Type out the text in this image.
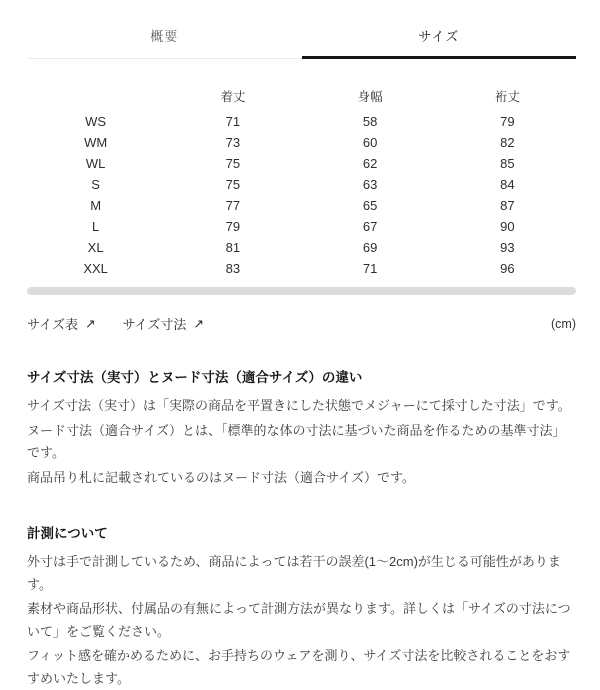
概要	サイズ
	着丈	身幅	裄丈
WS	71	58	79
WM	73	60	82
WL	75	62	85
S	75	63	84
M	77	65	87
L	79	67	90
XL	81	69	93
XXL	83	71	96
サイズ表 ↗ サイズ寸法 ↗	(cm)
サイズ寸法（実寸）とヌード寸法（適合サイズ）の違い

サイズ寸法（実寸）は「実際の商品を平置きにした状態でメジャーにて採寸した寸法」です。

ヌード寸法（適合サイズ）とは、「標準的な体の寸法に基づいた商品を作るための基準寸法」です。

商品吊り札に記載されているのはヌード寸法（適合サイズ）です。

計測について

外寸は手で計測しているため、商品によっては若干の誤差(1～2cm)が生じる可能性があります。

素材や商品形状、付属品の有無によって計測方法が異なります。詳しくは「サイズの寸法について」をご覧ください。

フィット感を確かめるために、お手持ちのウェアを測り、サイズ寸法を比較されることをおすすめいたします。
